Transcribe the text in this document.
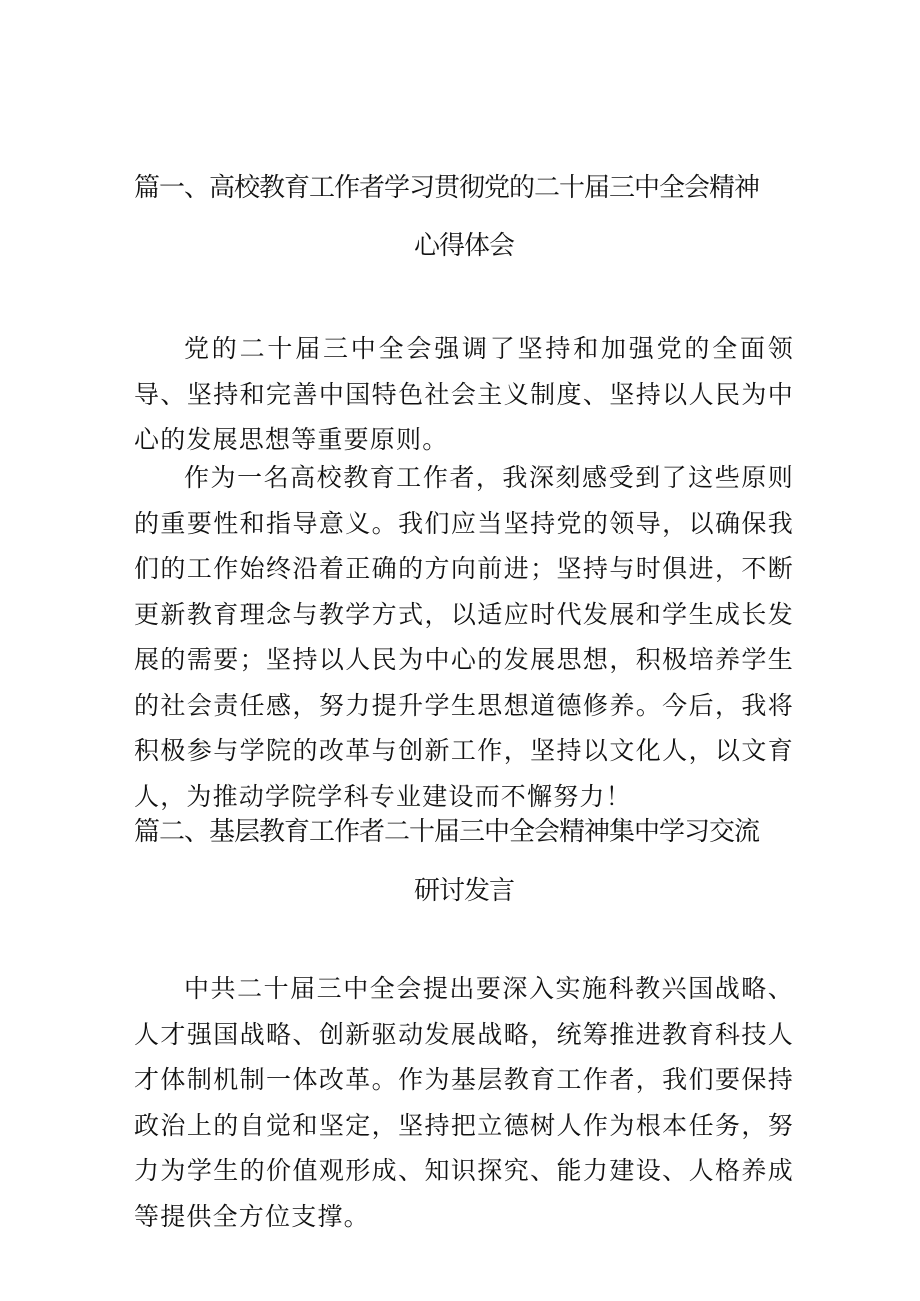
篇一、高校教育工作者学习贯彻党的二十届三中全会精神
心得体会

党的二十届三中全会强调了坚持和加强党的全面领导、坚持和完善中国特色社会主义制度、坚持以人民为中心的发展思想等重要原则。

作为一名高校教育工作者，我深刻感受到了这些原则的重要性和指导意义。我们应当坚持党的领导，以确保我们的工作始终沿着正确的方向前进；坚持与时俱进，不断更新教育理念与教学方式，以适应时代发展和学生成长发展的需要；坚持以人民为中心的发展思想，积极培养学生的社会责任感，努力提升学生思想道德修养。今后，我将积极参与学院的改革与创新工作，坚持以文化人，以文育人，为推动学院学科专业建设而不懈努力！

篇二、基层教育工作者二十届三中全会精神集中学习交流
研讨发言

中共二十届三中全会提出要深入实施科教兴国战略、人才强国战略、创新驱动发展战略，统筹推进教育科技人才体制机制一体改革。作为基层教育工作者，我们要保持政治上的自觉和坚定，坚持把立德树人作为根本任务，努力为学生的价值观形成、知识探究、能力建设、人格养成等提供全方位支撑。
